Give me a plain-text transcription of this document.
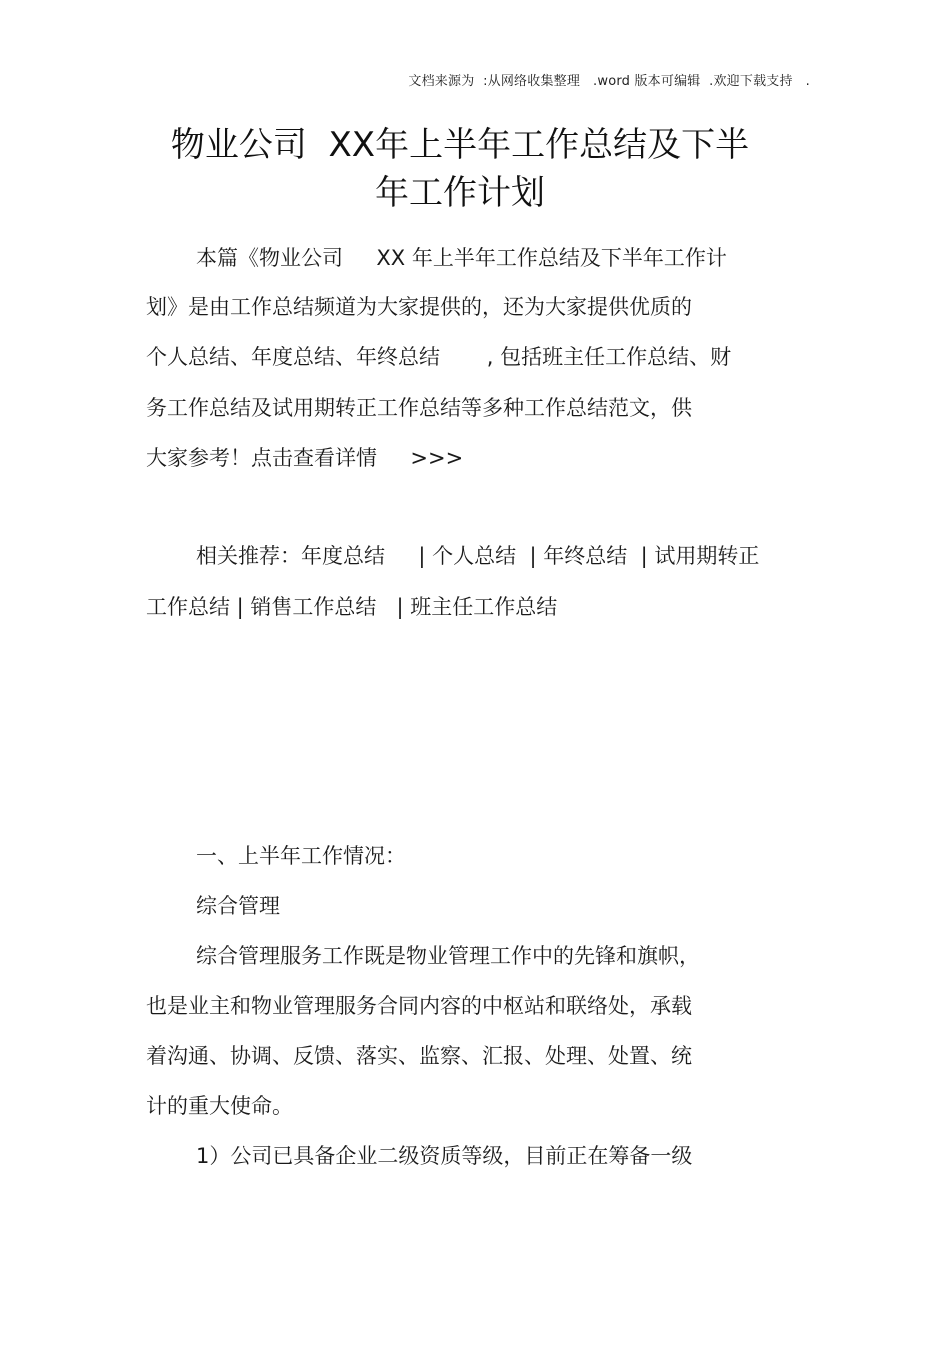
文档来源为  :从网络收集整理   .word 版本可编辑  .欢迎下载支持   .
物业公司  XX年上半年工作总结及下半
年工作计划
本篇《物业公司     XX 年上半年工作总结及下半年工作计
划》是由工作总结频道为大家提供的，还为大家提供优质的
个人总结、年度总结、年终总结       , 包括班主任工作总结、财
务工作总结及试用期转正工作总结等多种工作总结范文，供
大家参考！点击查看详情     >>>
相关推荐：年度总结     | 个人总结  | 年终总结  | 试用期转正
工作总结 | 销售工作总结   | 班主任工作总结
一、上半年工作情况：
综合管理
综合管理服务工作既是物业管理工作中的先锋和旗帜，
也是业主和物业管理服务合同内容的中枢站和联络处，承载
着沟通、协调、反馈、落实、监察、汇报、处理、处置、统
计的重大使命。
1）公司已具备企业二级资质等级，目前正在筹备一级
